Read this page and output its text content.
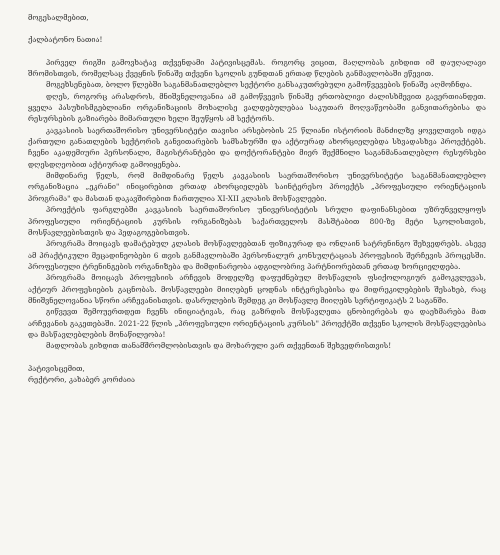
მოგესალმებით,

ქალბატონო ნათია!

პირველ რიგში გამოვხატავ თქვენდამი პატივისცემას. როგორც ვიცით, მაღლობას გიხდით იმ დაუღალავი შრომისთვის, რომელსაც ქვეყნის წინაშე თქვენი სკოლის გუნდთან ერთად წლების განმავლობაში ეწევით.

მოგეხსენებათ, ბოლო წლებში საგანმანათლებლო სექტორი განსაკუთრებული გამოწვევების წინაშე აღმოჩნდა.

დღეს, როგორც არასდროს, მნიშვნელოვანია ამ გამოწვევის წინაშე ერთობლივი ძალისხმევით გავერთიანდეთ. ყველა პასუხისმგებლიანი ორგანიზაციის მოხალისე ვალდებულებაა საკუთარ მოღვაწეობაში განვითარებისა და რესურსების გაზიარება მიმართული ხელი შეუწყოს ამ სექტორს.

კავკასიის საერთაშორისო უნივერსიტეტი თავისი არსებობის 25 წლიანი ისტორიის მანძილზე ყოველთვის იდგა ქართული განათლების სექტორის განვითარების სამსახურში და აქტიურად ახორციელებდა სხვადასხვა პროექტებს. ჩვენი აკადემიური პერსონალი, მაგისტრანტები და დოქტორანტები მიერ შექმნილი საგანმანათლებლო რესურსები დღესდღეობით აქტიურად გამოიყენება.

მიმდინარე წელს, რომ მიმდინარე წელს კავკასიის საერთაშორისო უნივერსიტეტი საგანმანათლებლო ორგანიზაცია „ეკრანი" ინიცირებით ერთად ახორციელებს საინტერესო პროექტს „პროფესიული ორიენტაციის პროგრამა" და მასთან დაკავშირებით ჩართულია XI-XII კლასის მოსწავლეები.

პროექტის ფარგლებში კავკასიის საერთაშორისო უნივერსიტეტის სრული დაფინანსებით უზრუნველყოფს პროფესიული ორიენტაციის კურსის ორგანიზებას საქართველოს მასშტაბით 800-ზე მეტი სკოლისთვის, მოსწავლეებისთვის და პედაგოგებისთვის.

პროგრამა მოიცავს დამატებულ კლასის მოსწავლეებთან ფიზიკურად და ონლაინ სატრენინგო შეხვედრებს. ასევე ამ პრაქტიკული მეცადინეობები 6 თვის განმავლობაში პერსონალურ კონსულტაციას პროფესიის შერჩევის პროცესში. პროფესიული ტრენინგების ორგანიზება და მიმდინარეობა ადგილობრივ პარტნიორებთან ერთად ხორციელდება.

პროგრამა მოიცავს პროფესიის არჩევის მოდელზე დაფუძნებულ მოსწავლის ფსიქოლოგიურ გამოკვლევას, აქტიურ პროფესიების გაცნობას. მოსწავლეები მიიღებენ ცოდნას ინტერესებისა და მიდრეკილებების შესახებ, რაც მნიშვნელოვანია სწორი არჩევანისთვის. დასრულების შემდეგ კი მოსწავლე მიიღებს სერტიფიკატს 2 საგანში.

გიწვევთ შემოუერთდეთ ჩვენს ინიციატივას, რაც გაზრდის მოსწავლეთა ცნობიერებას და დაეხმარება მათ არჩევანის გაკეთებაში. 2021-22 წლის „პროფესიული ორიენტაციის კურსის" პროექტში თქვენი სკოლის მოსწავლეებისა და მასწავლებლების მონაწილეობა!

მადლობას გიხდით თანამშრომლობისთვის და მოხარული ვარ თქვენთან შეხვედრისთვის!

პატივისცემით,

რექტორი, კახაბერ კორძაია
